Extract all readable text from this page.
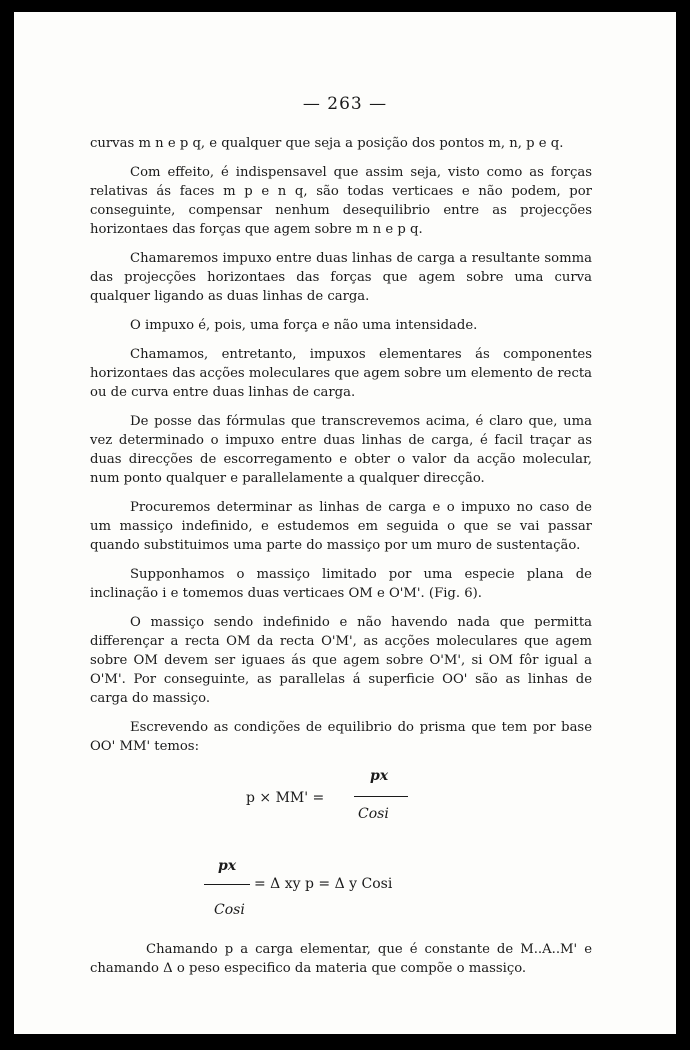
— 263 —

curvas m n e p q, e qualquer que seja a posição dos pontos m, n, p e q.

Com effeito, é indispensavel que assim seja, visto como as forças relativas ás faces m p e n q, são todas verticaes e não podem, por conseguinte, compensar nenhum desequilibrio entre as projecções horizontaes das forças que agem sobre m n e p q.

Chamaremos impuxo entre duas linhas de carga a resultante somma das projecções horizontaes das forças que agem sobre uma curva qualquer ligando as duas linhas de carga.

O impuxo é, pois, uma força e não uma intensidade.

Chamamos, entretanto, impuxos elementares ás componentes horizontaes das acções moleculares que agem sobre um elemento de recta ou de curva entre duas linhas de carga.

De posse das fórmulas que transcrevemos acima, é claro que, uma vez determinado o impuxo entre duas linhas de carga, é facil traçar as duas direcções de escorregamento e obter o valor da acção molecular, num ponto qualquer e parallelamente a qualquer direcção.

Procuremos determinar as linhas de carga e o impuxo no caso de um massiço indefinido, e estudemos em seguida o que se vai passar quando substituimos uma parte do massiço por um muro de sustentação.

Supponhamos o massiço limitado por uma especie plana de inclinação i e tomemos duas verticaes OM e O'M'. (Fig. 6).

O massiço sendo indefinido e não havendo nada que permitta differençar a recta OM da recta O'M', as acções moleculares que agem sobre OM devem ser iguaes ás que agem sobre O'M', si OM fôr igual a O'M'. Por conseguinte, as parallelas á superficie OO' são as linhas de carga do massiço.

Escrevendo as condições de equilibrio do prisma que tem por base OO' MM' temos:

p × MM' =
px
Cosi
px
Cosi
= Δ xy p = Δ y Cosi

Chamando p a carga elementar, que é constante de M..A..M' e chamando Δ o peso especifico da materia que compõe o massiço.
